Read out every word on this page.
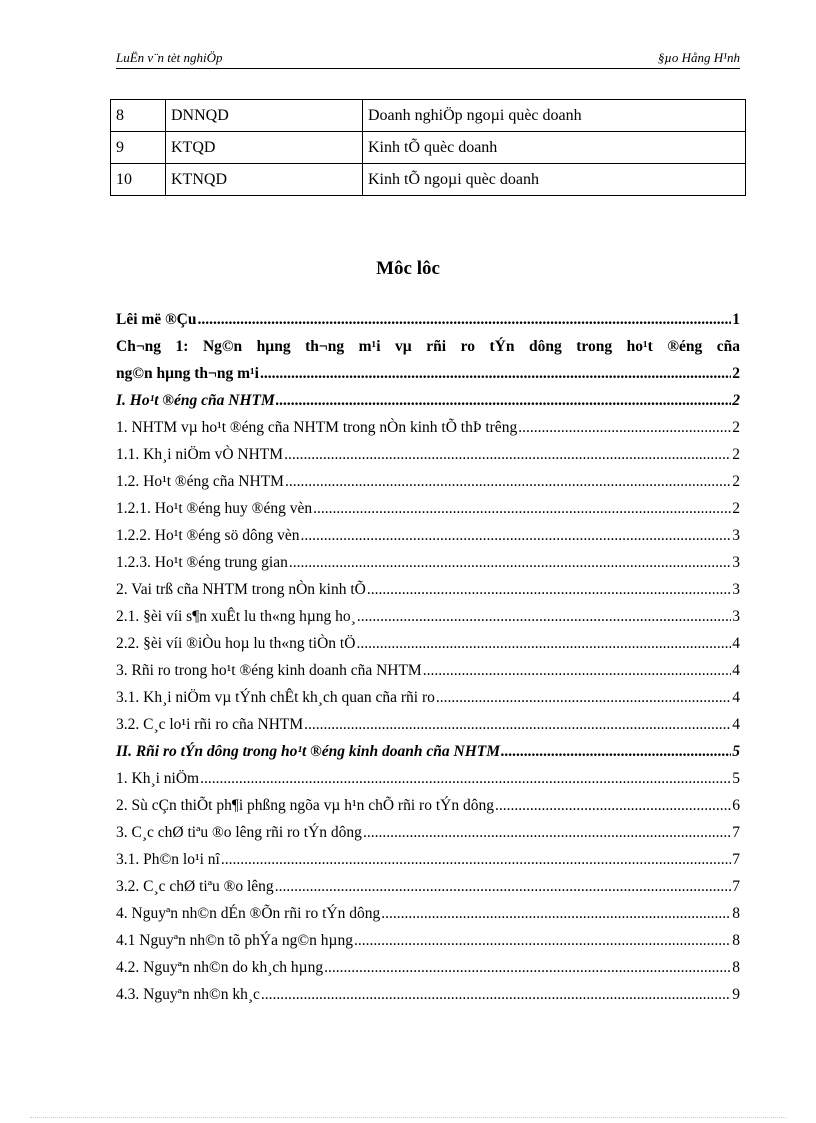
LuËn v¨n tèt nghiÖp	§µo Hång H¹nh
8	DNNQD	Doanh nghiÖp ngoµi quèc doanh
9	KTQD	Kinh tÕ quèc doanh
10	KTNQD	Kinh tÕ ngoµi quèc doanh
Môc lôc
Lêi më ®Çu .....	1
Ch¬ng 1: Ng©n hµng th¬ng m¹i vµ rñi ro tÝn dông trong ho¹t ®éng cña
ng©n hµng th¬ng m¹i .....	2
I. Ho¹t ®éng cña NHTM .....	2
1. NHTM vµ ho¹t ®éng cña NHTM trong nÒn kinh tÕ thÞ trêng .....	2
1.1. Kh¸i niÖm vÒ NHTM .....	2
1.2. Ho¹t ®éng cña NHTM .....	2
1.2.1. Ho¹t ®éng huy ®éng vèn .....	2
1.2.2. Ho¹t ®éng sö dông vèn .....	3
1.2.3. Ho¹t ®éng trung gian .....	3
2. Vai trß cña NHTM trong nÒn kinh tÕ .....	3
2.1. §èi víi s¶n xuÊt lu th«ng hµng ho¸ .....	3
2.2. §èi víi ®iÒu hoµ lu th«ng tiÒn tÖ .....	4
3. Rñi ro trong ho¹t ®éng kinh doanh cña NHTM .....	4
3.1. Kh¸i niÖm vµ tÝnh chÊt kh¸ch quan cña rñi ro .....	4
3.2. C¸c lo¹i rñi ro cña NHTM .....	4
II. Rñi ro tÝn dông trong ho¹t ®éng kinh doanh cña NHTM .....	5
1. Kh¸i niÖm .....	5
2. Sù cÇn thiÕt ph¶i phßng ngõa vµ h¹n chÕ rñi ro tÝn dông .....	6
3. C¸c chØ tiªu ®o lêng rñi ro tÝn dông .....	7
3.1. Ph©n lo¹i nî .....	7
3.2. C¸c chØ tiªu ®o lêng .....	7
4. Nguyªn nh©n dÉn ®Õn rñi ro tÝn dông .....	8
4.1 Nguyªn nh©n tõ phÝa ng©n hµng .....	8
4.2. Nguyªn nh©n do kh¸ch hµng .....	8
4.3. Nguyªn nh©n kh¸c .....	9
